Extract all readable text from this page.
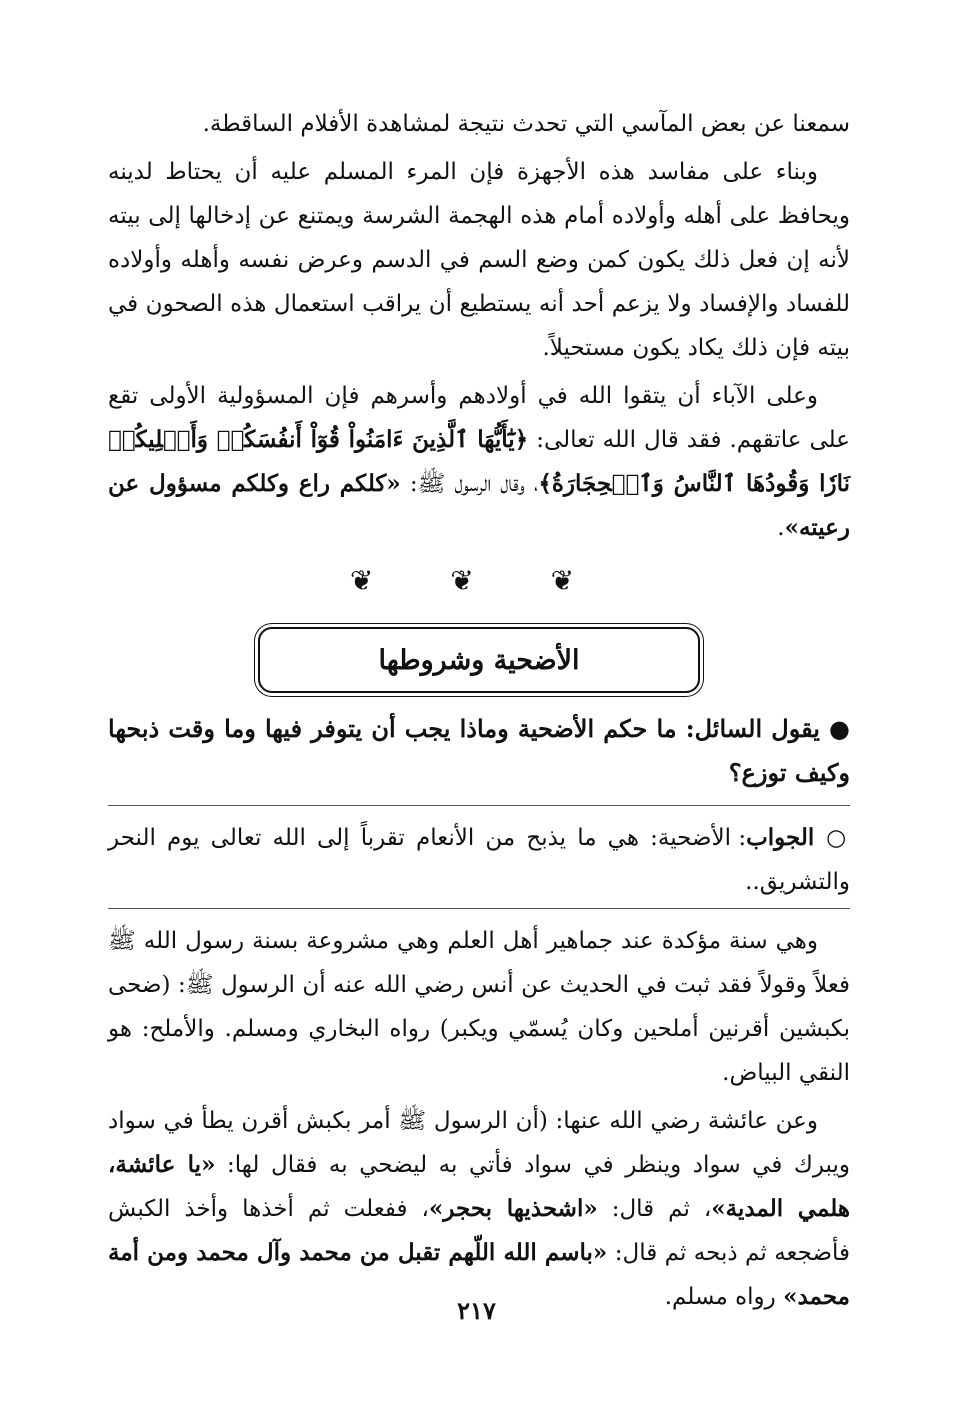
سمعنا عن بعض المآسي التي تحدث نتيجة لمشاهدة الأفلام الساقطة.

وبناء على مفاسد هذه الأجهزة فإن المرء المسلم عليه أن يحتاط لدينه ويحافظ على أهله وأولاده أمام هذه الهجمة الشرسة ويمتنع عن إدخالها إلى بيته لأنه إن فعل ذلك يكون كمن وضع السم في الدسم وعرض نفسه وأهله وأولاده للفساد والإفساد ولا يزعم أحد أنه يستطيع أن يراقب استعمال هذه الصحون في بيته فإن ذلك يكاد يكون مستحيلاً.

وعلى الآباء أن يتقوا الله في أولادهم وأسرهم فإن المسؤولية الأولى تقع على عاتقهم. فقد قال الله تعالى: ﴿يَٰٓأَيُّهَا ٱلَّذِينَ ءَامَنُواْ قُوٓاْ أَنفُسَكُمۡ وَأَهۡلِيكُمۡ نَارٗا وَقُودُهَا ٱلنَّاسُ وَٱلۡحِجَارَةُ﴾، وقال الرسول ﷺ: «كلكم راع وكلكم مسؤول عن رعيته».

❦ ❦ ❦
الأضحية وشروطها

● يقول السائل: ما حكم الأضحية وماذا يجب أن يتوفر فيها وما وقت ذبحها وكيف توزع؟

○ الجواب: الأضحية: هي ما يذبح من الأنعام تقرباً إلى الله تعالى يوم النحر والتشريق..

وهي سنة مؤكدة عند جماهير أهل العلم وهي مشروعة بسنة رسول الله ﷺ فعلاً وقولاً فقد ثبت في الحديث عن أنس رضي الله عنه أن الرسول ﷺ: (ضحى بكبشين أقرنين أملحين وكان يُسمّي ويكبر) رواه البخاري ومسلم. والأملح: هو النقي البياض.

وعن عائشة رضي الله عنها: (أن الرسول ﷺ أمر بكبش أقرن يطأ في سواد ويبرك في سواد وينظر في سواد فأتي به ليضحي به فقال لها: «يا عائشة، هلمي المدية»، ثم قال: «اشحذيها بحجر»، ففعلت ثم أخذها وأخذ الكبش فأضجعه ثم ذبحه ثم قال: «باسم الله اللّهم تقبل من محمد وآل محمد ومن أمة محمد» رواه مسلم.

٢١٧
